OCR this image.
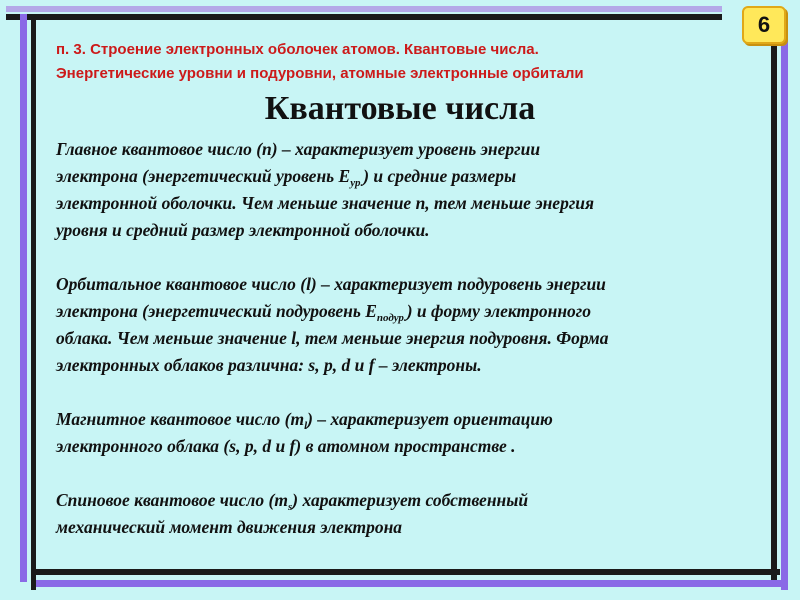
6
п. 3. Строение электронных оболочек атомов. Квантовые числа.
Энергетические уровни и подуровни, атомные электронные орбитали
Квантовые числа
Главное квантовое число (n) – характеризует уровень энергии
электрона (энергетический уровень $E_{ур.}$) и средние размеры
электронной оболочки. Чем меньше значение n, тем меньше энергия
уровня и средний размер электронной оболочки.
Орбитальное квантовое число (l) – характеризует подуровень энергии
электрона (энергетический подуровень $E_{подур.}$) и форму электронного
облака. Чем меньше значение l, тем меньше энергия подуровня. Форма
электронных облаков различна: s, p, d и f – электроны.
Магнитное квантовое число $(m_l)$ – характеризует ориентацию
электронного облака (s, p, d и f) в атомном пространстве .
Спиновое квантовое число $(m_s)$ характеризует собственный
механический момент движения электрона
